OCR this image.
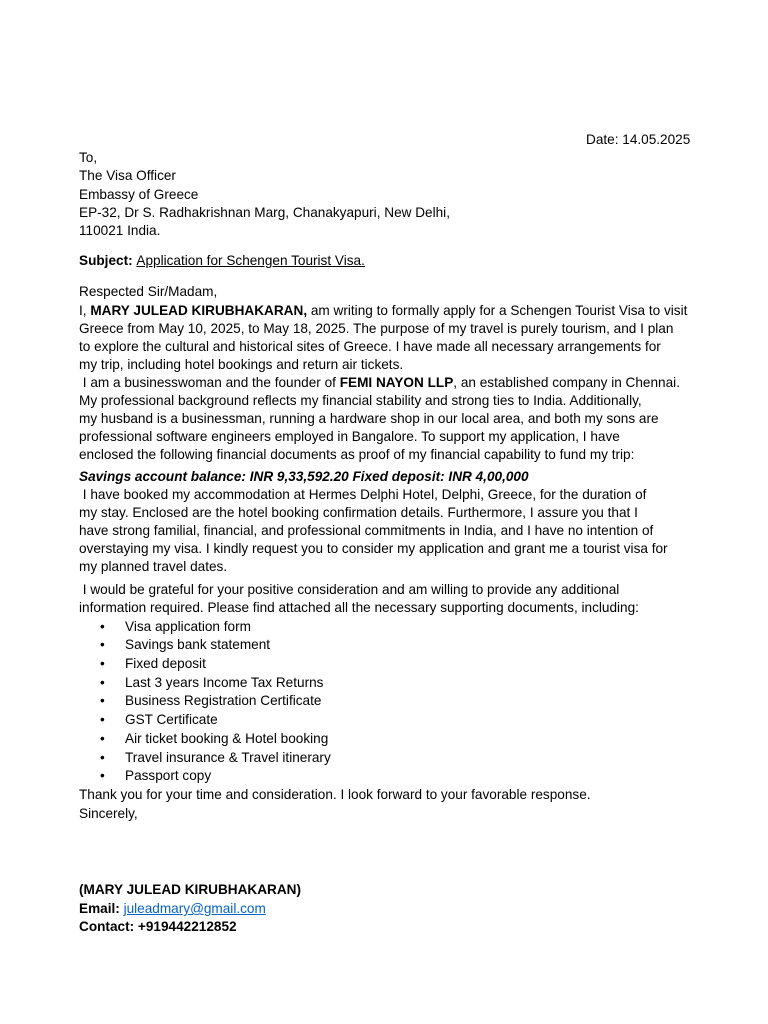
Date: 14.05.2025
To,
The Visa Officer
Embassy of Greece
EP-32, Dr S. Radhakrishnan Marg, Chanakyapuri, New Delhi,
110021 India.
Subject: Application for Schengen Tourist Visa.
Respected Sir/Madam,
I, MARY JULEAD KIRUBHAKARAN, am writing to formally apply for a Schengen Tourist Visa to visit
Greece from May 10, 2025, to May 18, 2025. The purpose of my travel is purely tourism, and I plan
to explore the cultural and historical sites of Greece. I have made all necessary arrangements for
my trip, including hotel bookings and return air tickets.
I am a businesswoman and the founder of FEMI NAYON LLP, an established company in Chennai.
My professional background reflects my financial stability and strong ties to India. Additionally,
my husband is a businessman, running a hardware shop in our local area, and both my sons are
professional software engineers employed in Bangalore. To support my application, I have
enclosed the following financial documents as proof of my financial capability to fund my trip:
Savings account balance: INR 9,33,592.20 Fixed deposit: INR 4,00,000
I have booked my accommodation at Hermes Delphi Hotel, Delphi, Greece, for the duration of
my stay. Enclosed are the hotel booking confirmation details. Furthermore, I assure you that I
have strong familial, financial, and professional commitments in India, and I have no intention of
overstaying my visa. I kindly request you to consider my application and grant me a tourist visa for
my planned travel dates.
I would be grateful for your positive consideration and am willing to provide any additional
information required. Please find attached all the necessary supporting documents, including:
• Visa application form
• Savings bank statement
• Fixed deposit
• Last 3 years Income Tax Returns
• Business Registration Certificate
• GST Certificate
• Air ticket booking & Hotel booking
• Travel insurance & Travel itinerary
• Passport copy
Thank you for your time and consideration. I look forward to your favorable response.
Sincerely,
(MARY JULEAD KIRUBHAKARAN)
Email: juleadmary@gmail.com
Contact: +919442212852
